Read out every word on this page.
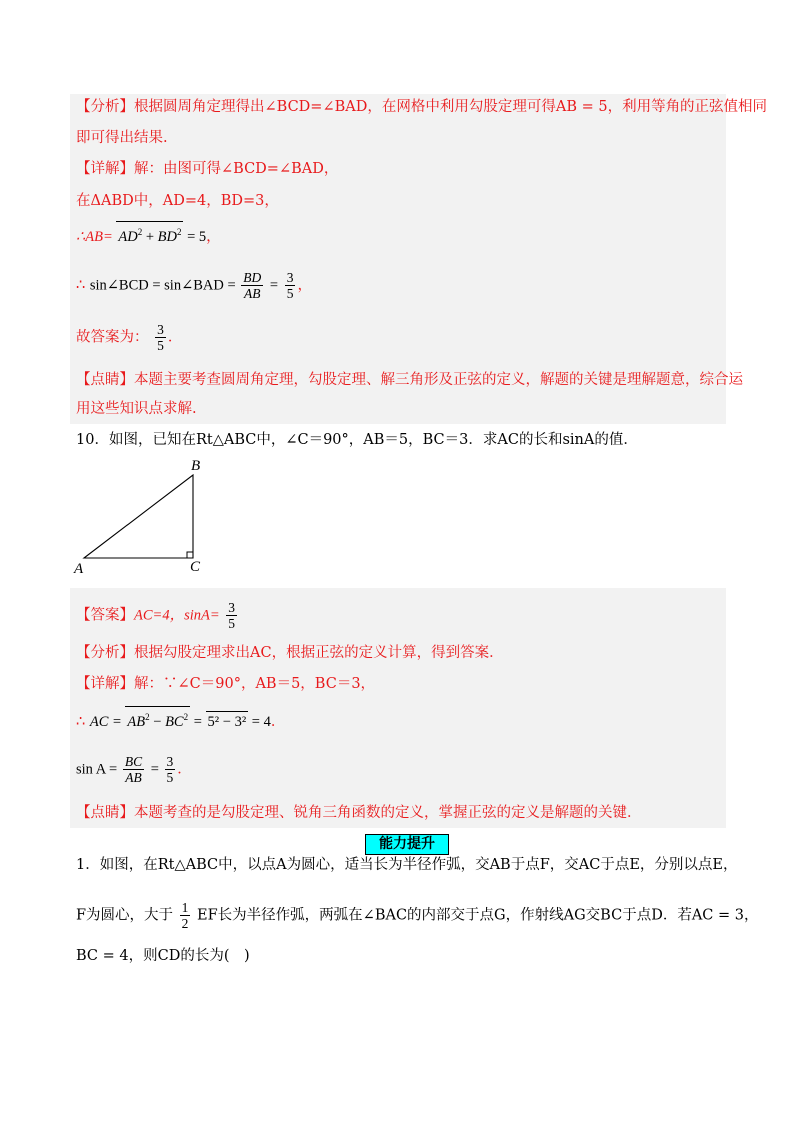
【分析】根据圆周角定理得出∠BCD=∠BAD，在网格中利用勾股定理可得AB = 5，利用等角的正弦值相同
即可得出结果.
【详解】解：由图可得∠BCD=∠BAD，
在ΔABD中，AD=4，BD=3，
∴AB= $AD^2 + BD^2 = 5$，
∴ sin∠BCD = sin∠BAD = $\frac{BD}{AB} = \frac{3}{5}$ ，
故答案为： $\frac{3}{5}$ ．
【点睛】本题主要考查圆周角定理，勾股定理、解三角形及正弦的定义，解题的关键是理解题意，综合运
用这些知识点求解.
10．如图，已知在Rt△ABC中，∠C＝90°，AB＝5，BC＝3．求AC的长和sinA的值．
B
A	C
【答案】AC=4，$\sin A= \frac{3}{5}$
【分析】根据勾股定理求出AC，根据正弦的定义计算，得到答案．
【详解】解：∵∠C＝90°，AB＝5，BC＝3，
∴ AC = $AB^2 - BC^2 = 5^2 - 3^2 = 4$．
$\sin A = \frac{BC}{AB} = \frac{3}{5}$ ．
【点睛】本题考查的是勾股定理、锐角三角函数的定义，掌握正弦的定义是解题的关键．
能力提升
1．如图，在Rt△ABC中，以点A为圆心，适当长为半径作弧，交AB于点F，交AC于点E，分别以点E，
F为圆心，大于 $\frac{1}{2}$ EF长为半径作弧，两弧在∠BAC的内部交于点G，作射线AG交BC于点D．若AC = 3，
BC = 4，则CD的长为(　)
